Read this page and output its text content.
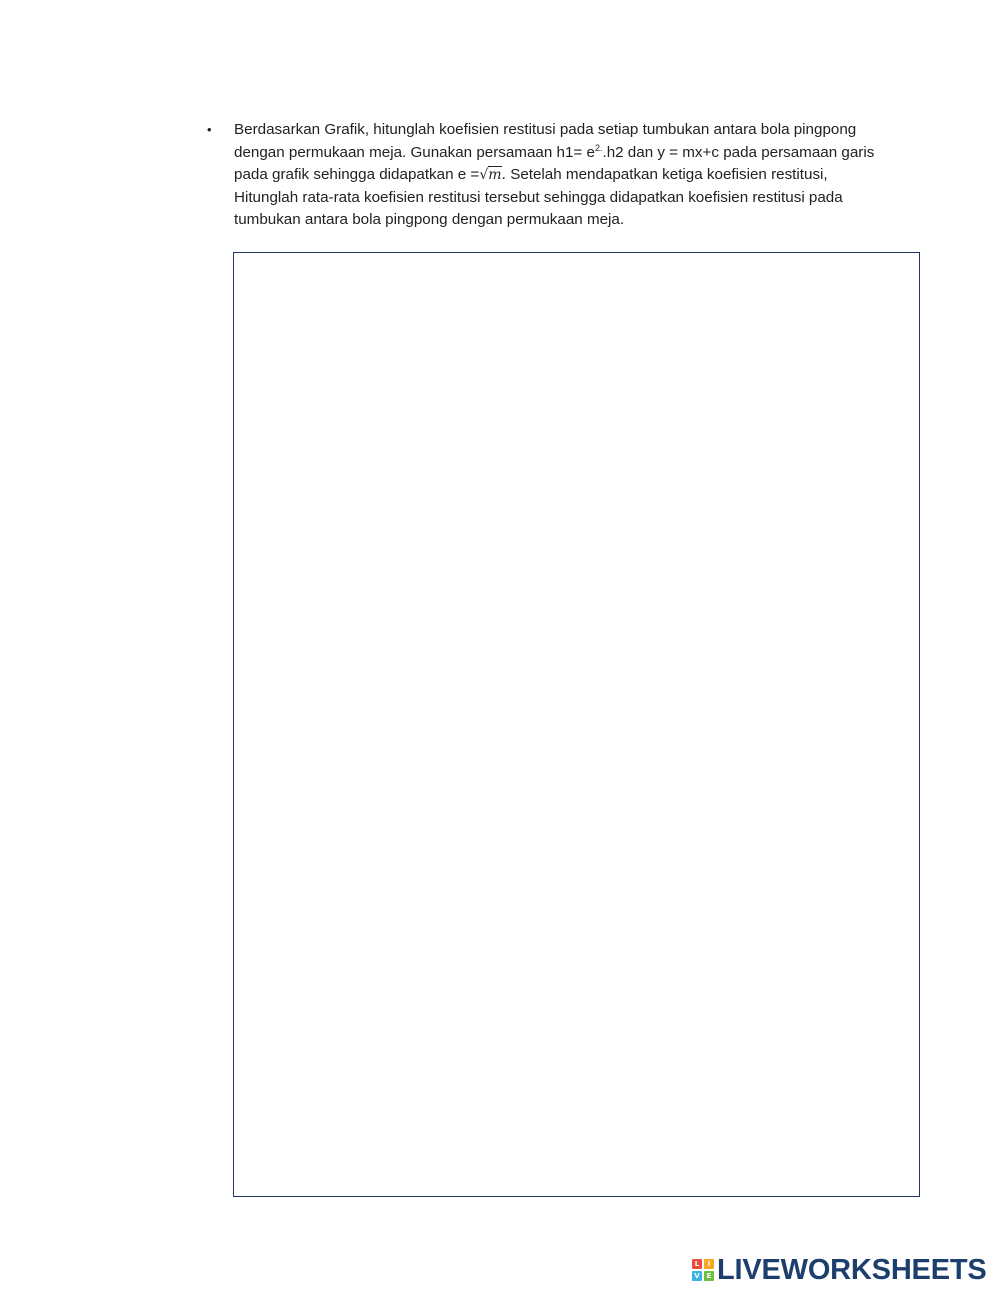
• Berdasarkan Grafik, hitunglah koefisien restitusi pada setiap tumbukan antara bola pingpong dengan permukaan meja. Gunakan persamaan $h1= e^{2.}.h2$ dan y = mx+c pada persamaan garis pada grafik sehingga didapatkan e =√m. Setelah mendapatkan ketiga koefisien restitusi, Hitunglah rata-rata koefisien restitusi tersebut sehingga didapatkan koefisien restitusi pada tumbukan antara bola pingpong dengan permukaan meja.
L	I
V E LIVEWORKSHEETS
